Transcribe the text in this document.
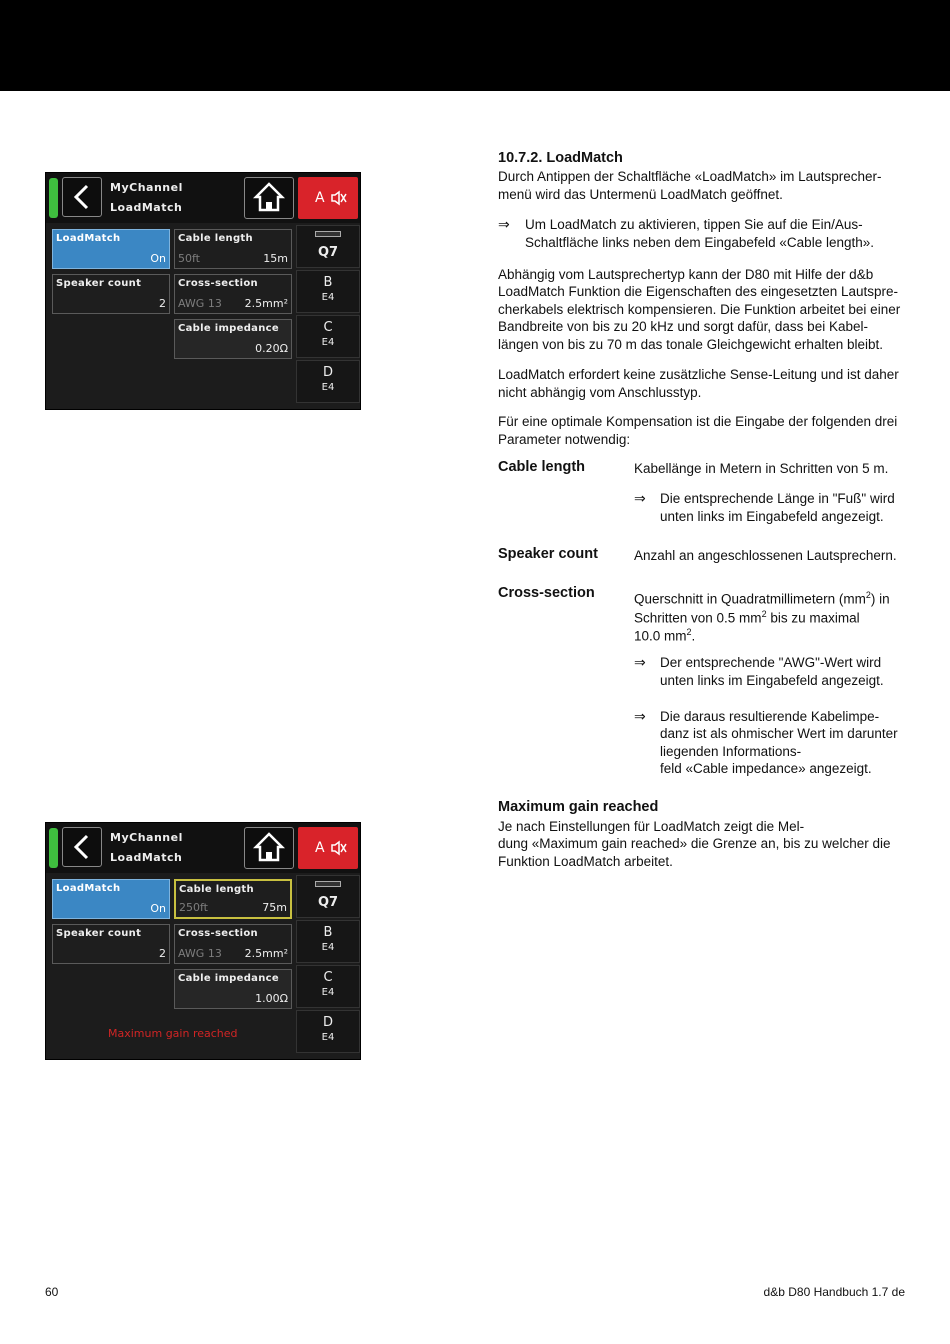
MyChannel
LoadMatch
A
LoadMatch
On
Cable length
50ft	15m
Speaker count
2
Cross-section
AWG 13 2.5mm²
Cable impedance
0.20Ω
Q7
B
E4
C
E4
D
E4
MyChannel
LoadMatch
A
LoadMatch
On
Cable length
250ft	75m
Speaker count
2
Cross-section
AWG 13 2.5mm²
Cable impedance
1.00Ω
Maximum gain reached
Q7
B
E4
C
E4
D
E4
10.7.2. LoadMatch
Durch Antippen der Schaltfläche «LoadMatch» im Lautsprecher-
menü wird das Untermenü LoadMatch geöffnet.
⇒ Um LoadMatch zu aktivieren, tippen Sie auf die Ein/Aus-
Schaltfläche links neben dem Eingabefeld «Cable length».
Abhängig vom Lautsprechertyp kann der D80 mit Hilfe der d&b
LoadMatch Funktion die Eigenschaften des eingesetzten Lautspre-
cherkabels elektrisch kompensieren. Die Funktion arbeitet bei einer
Bandbreite von bis zu 20 kHz und sorgt dafür, dass bei Kabel-
längen von bis zu 70 m das tonale Gleichgewicht erhalten bleibt.
LoadMatch erfordert keine zusätzliche Sense-Leitung und ist daher
nicht abhängig vom Anschlusstyp.
Für eine optimale Kompensation ist die Eingabe der folgenden drei
Parameter notwendig:
Cable length	Kabellänge in Metern in Schritten von 5 m.
⇒ Die entsprechende Länge in "Fuß" wird
unten links im Eingabefeld angezeigt.
Speaker count	Anzahl an angeschlossenen Lautsprechern.
Cross-section	Querschnitt in Quadratmillimetern $(mm^2)$ in
Schritten von 0.5 $mm^2$ bis zu maximal
10.0 $mm^2$.
⇒ Der entsprechende "AWG"-Wert wird
unten links im Eingabefeld angezeigt.
⇒ Die daraus resultierende Kabelimpe-
danz ist als ohmischer Wert im darunter
liegenden Informations-
feld «Cable impedance» angezeigt.
Maximum gain reached
Je nach Einstellungen für LoadMatch zeigt die Mel-
dung «Maximum gain reached» die Grenze an, bis zu welcher die
Funktion LoadMatch arbeitet.
60	d&b D80 Handbuch 1.7 de
